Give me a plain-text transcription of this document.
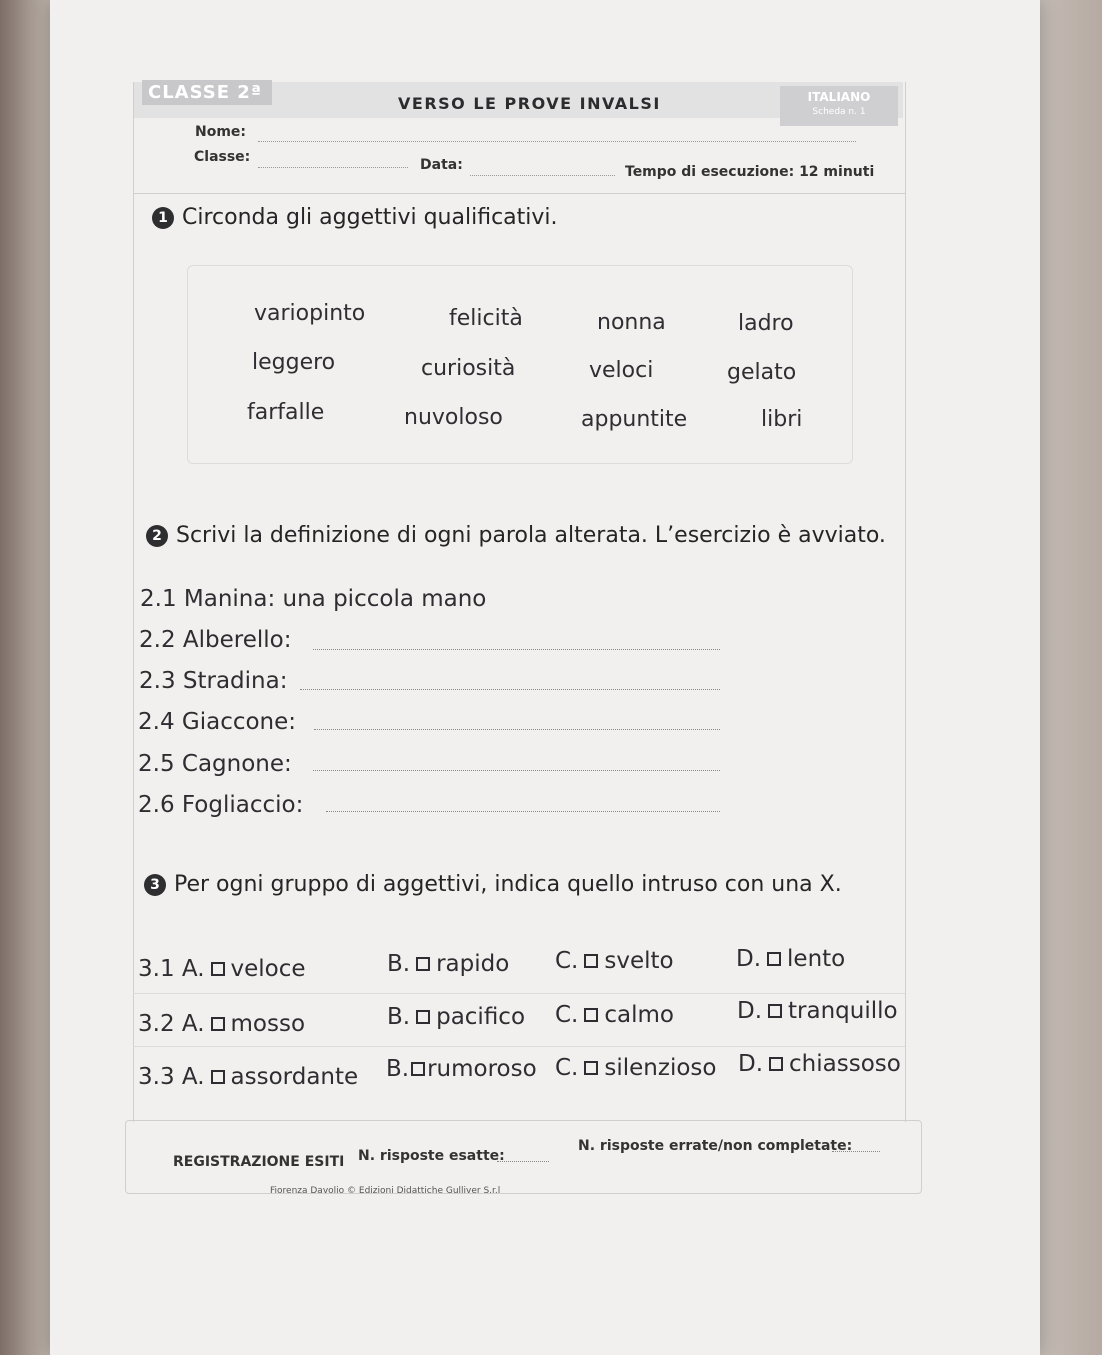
CLASSE 2ª
VERSO LE PROVE INVALSI	ITALIANO
Scheda n. 1
Nome:
Classe:	Data:	Tempo di esecuzione: 12 minuti
1 Circonda gli aggettivi qualificativi.
variopinto	felicità	nonna	ladro
leggero	curiosità	veloci	gelato
farfalle	nuvoloso	appuntite	libri
2 Scrivi la definizione di ogni parola alterata. L’esercizio è avviato.
2.1 Manina: una piccola mano
2.2 Alberello:
2.3 Stradina:
2.4 Giaccone:
2.5 Cagnone:
2.6 Fogliaccio:
3 Per ogni gruppo di aggettivi, indica quello intruso con una X.
3.1 A. veloce	B. rapido C. svelto	D. lento
3.2 A. mosso	B. pacifico C. calmo	D. tranquillo
3.3 A. assordante B. rumoroso C. silenzioso D. chiassoso
REGISTRAZIONE ESITI N. risposte esatte:
N. risposte errate/non completate:
Fiorenza Davolio © Edizioni Didattiche Gulliver S.r.l
